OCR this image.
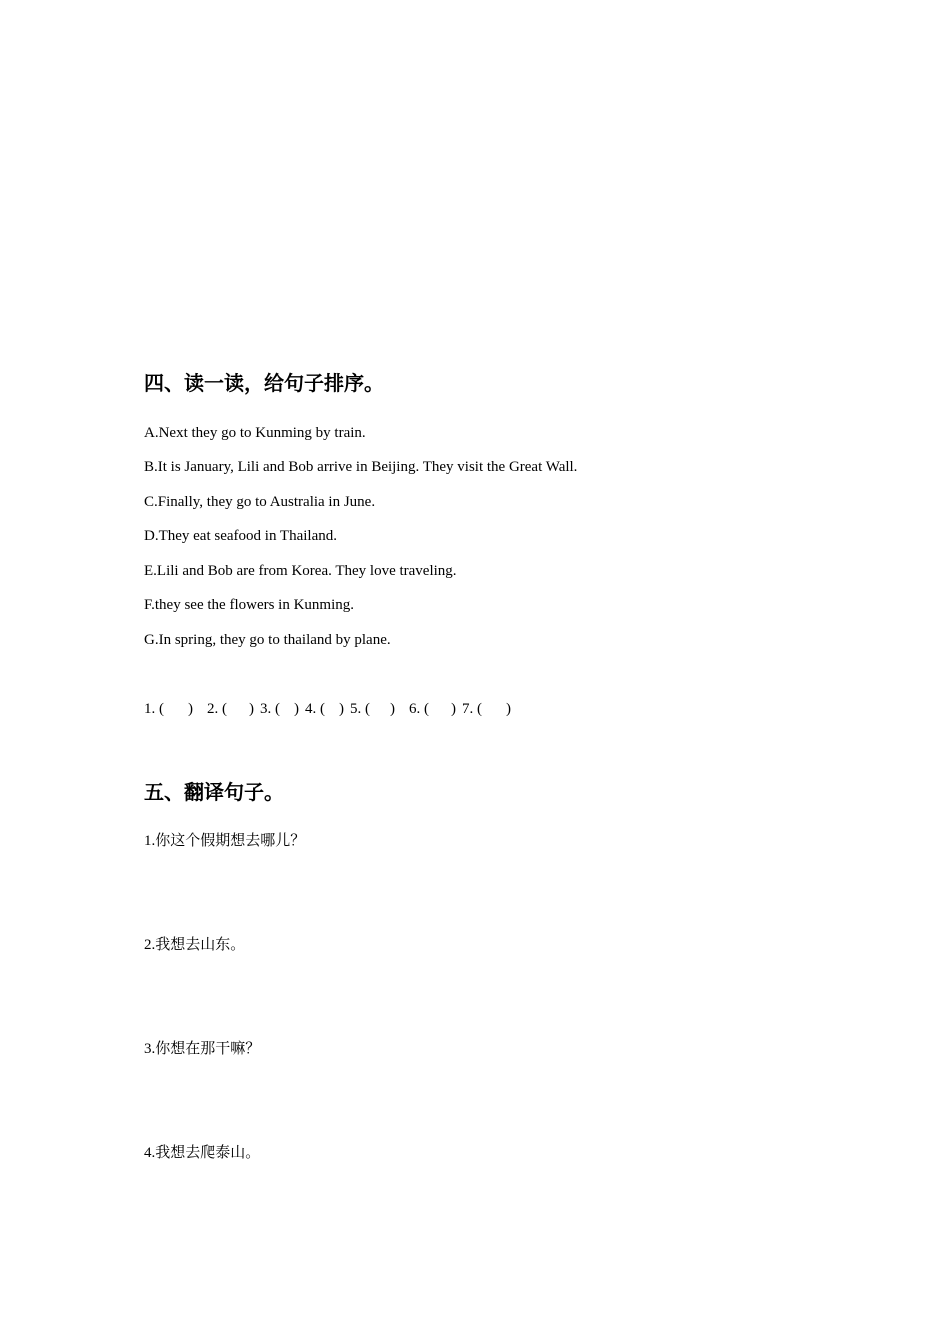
四、读一读，给句子排序。
A.Next they go to Kunming by train.
B.It is January, Lili and Bob arrive in Beijing. They visit the Great Wall.
C.Finally, they go to Australia in June.
D.They eat seafood in Thailand.
E.Lili and Bob are from Korea. They love traveling.
F.they see the flowers in Kunming.
G.In spring, they go to thailand by plane.
1. ( ) 2. ( ) 3. ( ) 4. ( ) 5. ( ) 6. ( ) 7. ( )
五、翻译句子。
1.你这个假期想去哪儿？
2.我想去山东。
3.你想在那干嘛？
4.我想去爬泰山。
